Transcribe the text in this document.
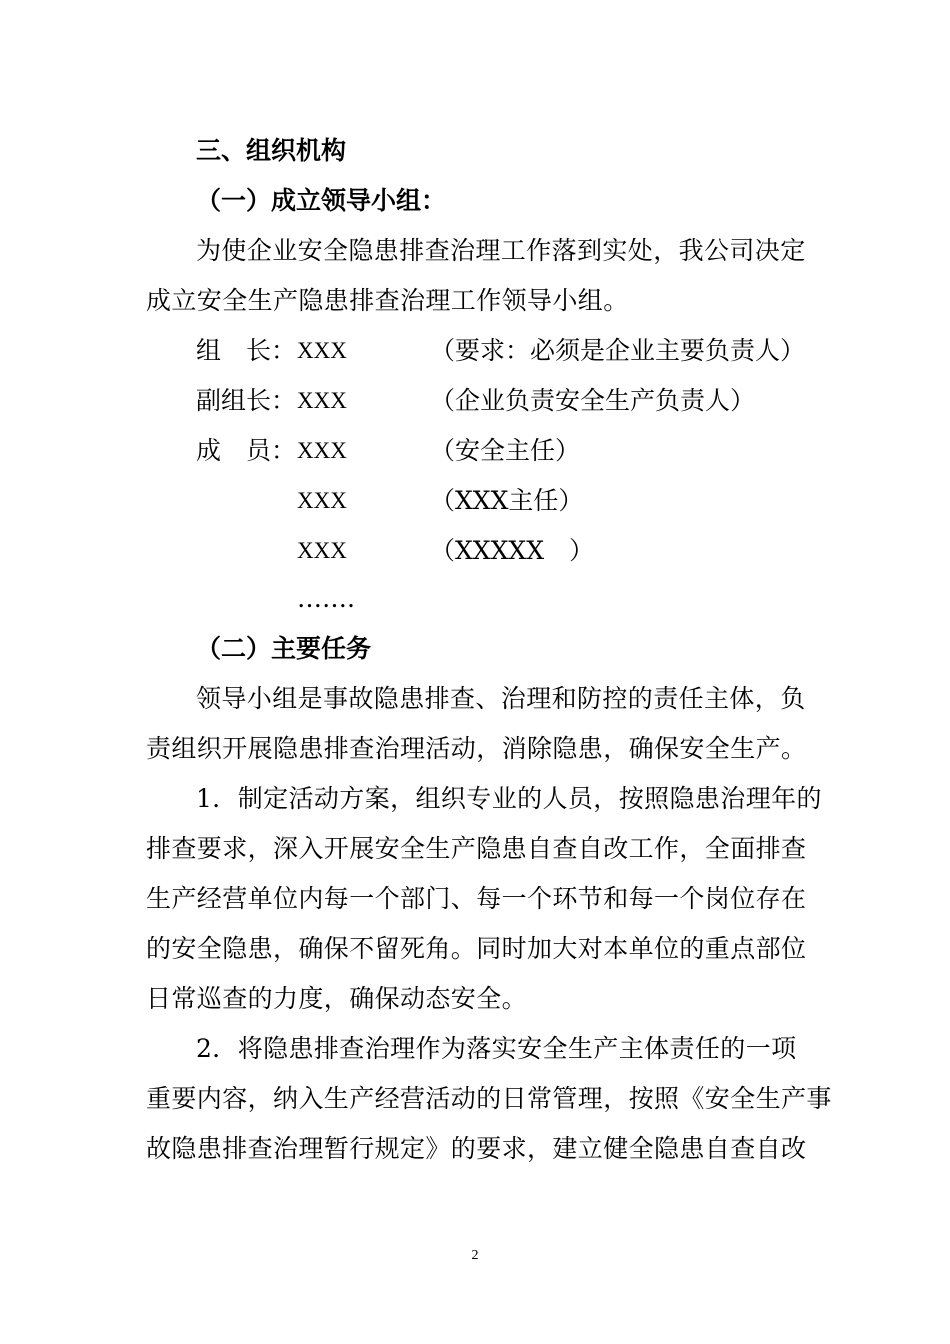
三、组织机构
（一）成立领导小组：
为使企业安全隐患排查治理工作落到实处，我公司决定
成立安全生产隐患排查治理工作领导小组。
组　长： XXX	（要求：必须是企业主要负责人）
副组长： XXX	（企业负责安全生产负责人）
成　员： XXX	（安全主任）
XXX	（XXX主任）
XXX	（XXXXX　）
…….
（二）主要任务
领导小组是事故隐患排查、治理和防控的责任主体，负
责组织开展隐患排查治理活动，消除隐患，确保安全生产。
1．制定活动方案，组织专业的人员，按照隐患治理年的
排查要求，深入开展安全生产隐患自查自改工作，全面排查
生产经营单位内每一个部门、每一个环节和每一个岗位存在
的安全隐患，确保不留死角。同时加大对本单位的重点部位
日常巡查的力度，确保动态安全。
2．将隐患排查治理作为落实安全生产主体责任的一项
重要内容，纳入生产经营活动的日常管理，按照《安全生产事
故隐患排查治理暂行规定》的要求，建立健全隐患自查自改
2
